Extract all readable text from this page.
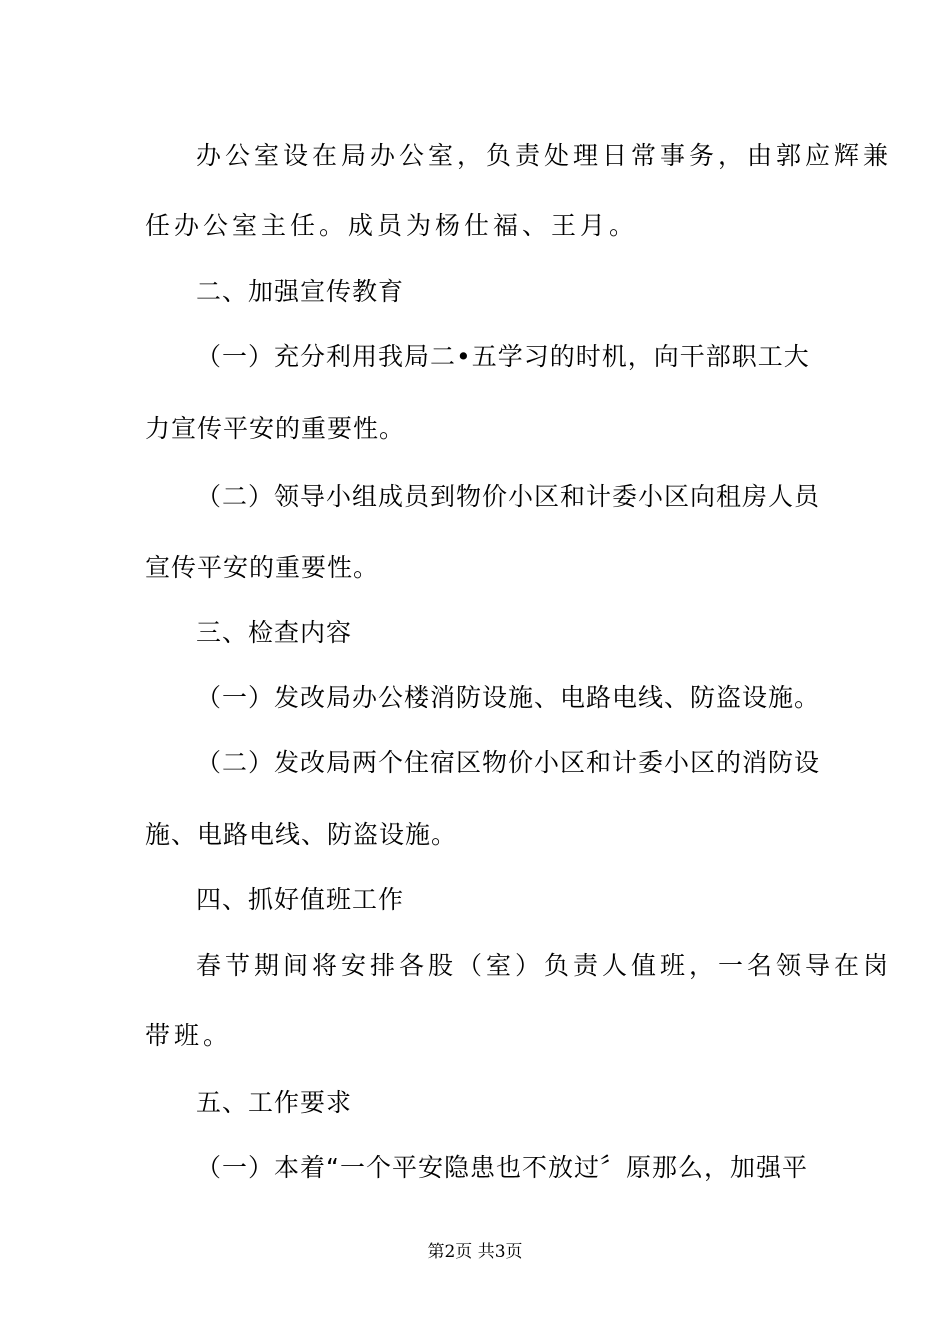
办公室设在局办公室，负责处理日常事务，由郭应辉兼
任办公室主任。成员为杨仕福、王月。
二、加强宣传教育
（一）充分利用我局二•五学习的时机，向干部职工大
力宣传平安的重要性。
（二）领导小组成员到物价小区和计委小区向租房人员
宣传平安的重要性。
三、检查内容
（一）发改局办公楼消防设施、电路电线、防盗设施。
（二）发改局两个住宿区物价小区和计委小区的消防设
施、电路电线、防盗设施。
四、抓好值班工作
春节期间将安排各股（室）负责人值班，一名领导在岗
带班。
五、工作要求
（一）本着“一个平安隐患也不放过〞原那么，加强平
第2页 共3页
